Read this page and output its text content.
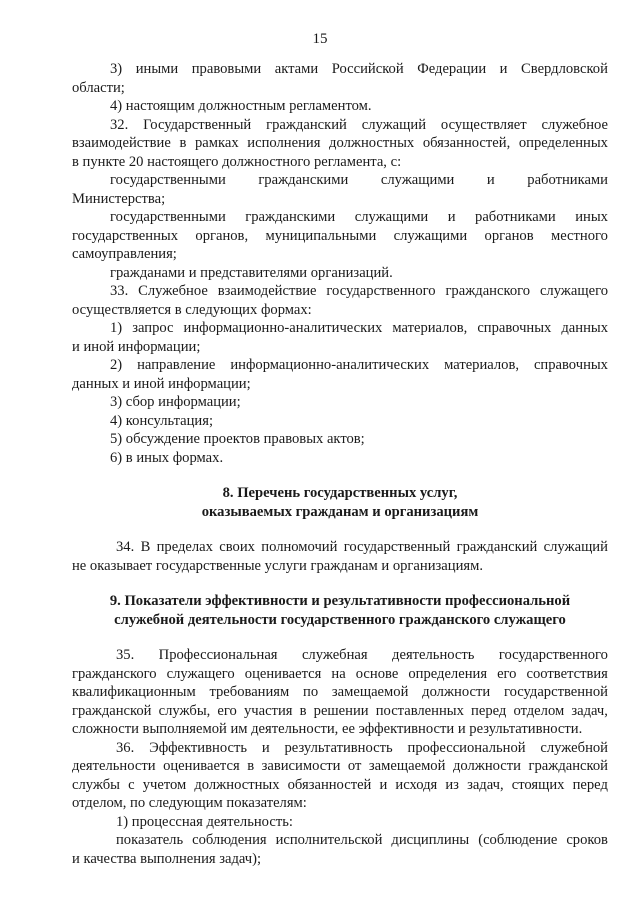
15
3) иными правовыми актами Российской Федерации и Свердловской
области;
4) настоящим должностным регламентом.
32. Государственный гражданский служащий осуществляет служебное
взаимодействие в рамках исполнения должностных обязанностей, определенных
в пункте 20 настоящего должностного регламента, с:
государственными гражданскими служащими и работниками
Министерства;
государственными гражданскими служащими и работниками иных
государственных органов, муниципальными служащими органов местного
самоуправления;
гражданами и представителями организаций.
33. Служебное взаимодействие государственного гражданского служащего
осуществляется в следующих формах:
1) запрос информационно-аналитических материалов, справочных данных
и иной информации;
2) направление информационно-аналитических материалов, справочных
данных и иной информации;
3) сбор информации;
4) консультация;
5) обсуждение проектов правовых актов;
6) в иных формах.
8. Перечень государственных услуг,
оказываемых гражданам и организациям
34. В пределах своих полномочий государственный гражданский служащий
не оказывает государственные услуги гражданам и организациям.
9. Показатели эффективности и результативности профессиональной
служебной деятельности государственного гражданского служащего
35. Профессиональная служебная деятельность государственного
гражданского служащего оценивается на основе определения его соответствия
квалификационным требованиям по замещаемой должности государственной
гражданской службы, его участия в решении поставленных перед отделом задач,
сложности выполняемой им деятельности, ее эффективности и результативности.
36. Эффективность и результативность профессиональной служебной
деятельности оценивается в зависимости от замещаемой должности гражданской
службы с учетом должностных обязанностей и исходя из задач, стоящих перед
отделом, по следующим показателям:
1) процессная деятельность:
показатель соблюдения исполнительской дисциплины (соблюдение сроков
и качества выполнения задач);
